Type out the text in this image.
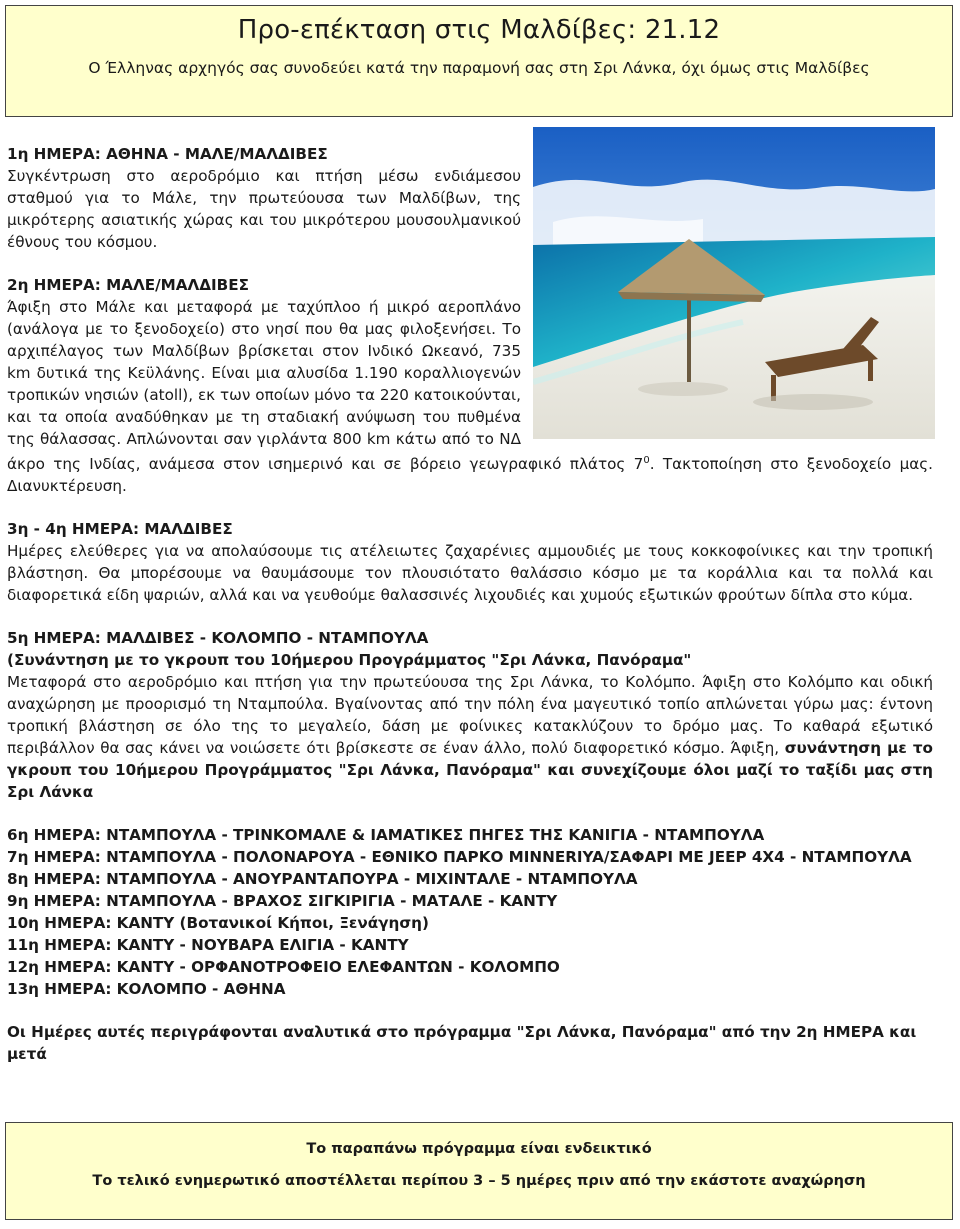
Προ-επέκταση στις Μαλδίβες: 21.12
Ο Έλληνας αρχηγός σας συνοδεύει κατά την παραμονή σας στη Σρι Λάνκα, όχι όμως στις Μαλδίβες

1η ΗΜΕΡΑ: ΑΘΗΝΑ - ΜΑΛΕ/ΜΑΛΔΙΒΕΣ

Συγκέντρωση στο αεροδρόμιο και πτήση μέσω ενδιάμεσου σταθμού για το Μάλε, την πρωτεύουσα των Μαλδίβων, της μικρότερης ασιατικής χώρας και του μικρότερου μουσουλμανικού έθνους του κόσμου.

2η ΗΜΕΡΑ: ΜΑΛΕ/ΜΑΛΔΙΒΕΣ

Άφιξη στο Μάλε και μεταφορά με ταχύπλοο ή μικρό αεροπλάνο (ανάλογα με το ξενοδοχείο) στο νησί που θα μας φιλοξενήσει. Το αρχιπέλαγος των Μαλδίβων βρίσκεται στον Ινδικό Ωκεανό, 735 km δυτικά της Κεϋλάνης. Είναι μια αλυσίδα 1.190 κοραλλιογενών τροπικών νησιών (atoll), εκ των οποίων μόνο τα 220 κατοικούνται, και τα οποία αναδύθηκαν με τη σταδιακή ανύψωση του πυθμένα της θάλασσας. Απλώνονται σαν γιρλάντα 800 km κάτω από το ΝΔ άκρο της Ινδίας, ανάμεσα στον ισημερινό και σε βόρειο γεωγραφικό πλάτος $7^0$. Τακτοποίηση στο ξενοδοχείο μας. Διανυκτέρευση.

3η - 4η ΗΜΕΡΑ: ΜΑΛΔΙΒΕΣ

Ημέρες ελεύθερες για να απολαύσουμε τις ατέλειωτες ζαχαρένιες αμμουδιές με τους κοκκοφοίνικες και την τροπική βλάστηση. Θα μπορέσουμε να θαυμάσουμε τον πλουσιότατο θαλάσσιο κόσμο με τα κοράλλια και τα πολλά και διαφορετικά είδη ψαριών, αλλά και να γευθούμε θαλασσινές λιχουδιές και χυμούς εξωτικών φρούτων δίπλα στο κύμα.

5η ΗΜΕΡΑ: ΜΑΛΔΙΒΕΣ - ΚΟΛΟΜΠΟ - ΝΤΑΜΠΟΥΛΑ

(Συνάντηση με το γκρουπ του 10ήμερου Προγράμματος "Σρι Λάνκα, Πανόραμα"

Μεταφορά στο αεροδρόμιο και πτήση για την πρωτεύουσα της Σρι Λάνκα, το Κολόμπο. Άφιξη στο Κολόμπο και οδική αναχώρηση με προορισμό τη Νταμπούλα. Βγαίνοντας από την πόλη ένα μαγευτικό τοπίο απλώνεται γύρω μας: έντονη τροπική βλάστηση σε όλο της το μεγαλείο, δάση με φοίνικες κατακλύζουν το δρόμο μας. Το καθαρά εξωτικό περιβάλλον θα σας κάνει να νοιώσετε ότι βρίσκεστε σε έναν άλλο, πολύ διαφορετικό κόσμο. Άφιξη, συνάντηση με το γκρουπ του 10ήμερου Προγράμματος "Σρι Λάνκα, Πανόραμα" και συνεχίζουμε όλοι μαζί το ταξίδι μας στη Σρι Λάνκα

6η ΗΜΕΡΑ: ΝΤΑΜΠΟΥΛΑ - ΤΡΙΝΚΟΜΑΛΕ & ΙΑΜΑΤΙΚΕΣ ΠΗΓΕΣ ΤΗΣ ΚΑΝΙΓΙΑ - ΝΤΑΜΠΟΥΛΑ

7η ΗΜΕΡΑ: ΝΤΑΜΠΟΥΛΑ - ΠΟΛΟΝΑΡΟΥΑ - ΕΘΝΙΚΟ ΠΑΡΚΟ MINNERIYA/ΣΑΦΑΡΙ ΜΕ JEEP 4X4 - ΝΤΑΜΠΟΥΛΑ

8η ΗΜΕΡΑ: ΝΤΑΜΠΟΥΛΑ - ΑΝΟΥΡΑΝΤΑΠΟΥΡΑ - ΜΙΧΙΝΤΑΛΕ - ΝΤΑΜΠΟΥΛΑ

9η ΗΜΕΡΑ: ΝΤΑΜΠΟΥΛΑ - ΒΡΑΧΟΣ ΣΙΓΚΙΡΙΓΙΑ - ΜΑΤΑΛΕ - ΚΑΝΤΥ

10η ΗΜΕΡΑ: ΚΑΝΤΥ (Βοτανικοί Κήποι, Ξενάγηση)

11η ΗΜΕΡΑ: ΚΑΝΤΥ - ΝΟΥΒΑΡΑ ΕΛΙΓΙΑ - ΚΑΝΤΥ

12η ΗΜΕΡΑ: ΚΑΝΤΥ - ΟΡΦΑΝΟΤΡΟΦΕΙΟ ΕΛΕΦΑΝΤΩΝ - ΚΟΛΟΜΠΟ

13η ΗΜΕΡΑ: ΚΟΛΟΜΠΟ - ΑΘΗΝΑ

Οι Ημέρες αυτές περιγράφονται αναλυτικά στο πρόγραμμα "Σρι Λάνκα, Πανόραμα" από την 2η ΗΜΕΡΑ και μετά

Το παραπάνω πρόγραμμα είναι ενδεικτικό
Το τελικό ενημερωτικό αποστέλλεται περίπου 3 – 5 ημέρες πριν από την εκάστοτε αναχώρηση
